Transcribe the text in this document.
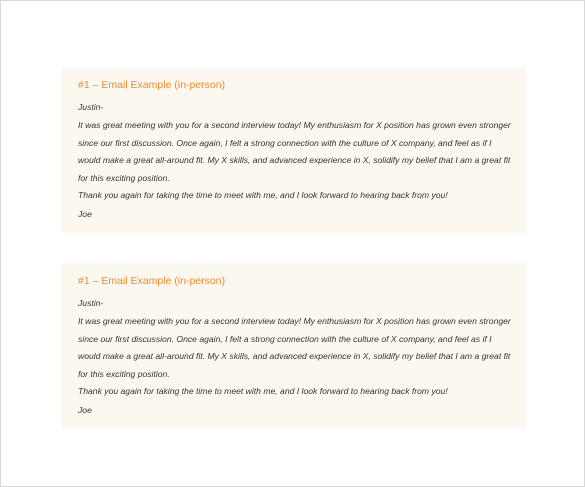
#1 – Email Example (in-person)

Justin-

It was great meeting with you for a second interview today! My enthusiasm for X position has grown even stronger since our first discussion. Once again, I felt a strong connection with the culture of X company, and feel as if I would make a great all-around fit. My X skills, and advanced experience in X, solidify my belief that I am a great fit for this exciting position.

Thank you again for taking the time to meet with me, and I look forward to hearing back from you!

Joe

#1 – Email Example (in-person)

Justin-

It was great meeting with you for a second interview today! My enthusiasm for X position has grown even stronger since our first discussion. Once again, I felt a strong connection with the culture of X company, and feel as if I would make a great all-around fit. My X skills, and advanced experience in X, solidify my belief that I am a great fit for this exciting position.

Thank you again for taking the time to meet with me, and I look forward to hearing back from you!

Joe
